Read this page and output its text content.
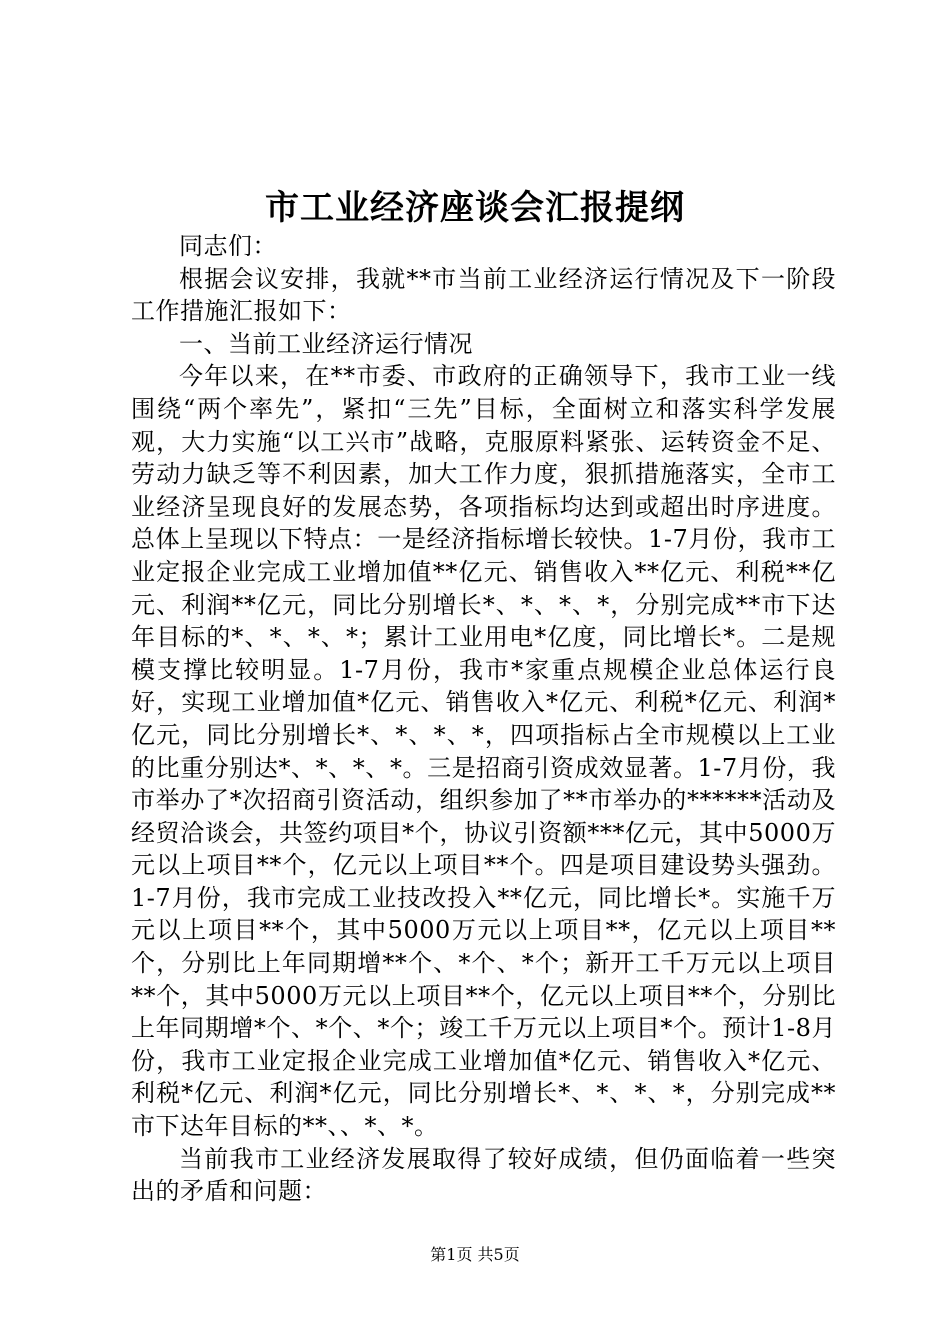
市工业经济座谈会汇报提纲

同志们：

根据会议安排，我就**市当前工业经济运行情况及下一阶段工作措施汇报如下：

一、当前工业经济运行情况

今年以来，在**市委、市政府的正确领导下，我市工业一线围绕“两个率先”，紧扣“三先”目标，全面树立和落实科学发展观，大力实施“以工兴市”战略，克服原料紧张、运转资金不足、劳动力缺乏等不利因素，加大工作力度，狠抓措施落实，全市工业经济呈现良好的发展态势，各项指标均达到或超出时序进度。总体上呈现以下特点：一是经济指标增长较快。1-7月份，我市工业定报企业完成工业增加值**亿元、销售收入**亿元、利税**亿元、利润**亿元，同比分别增长*、*、*、*，分别完成**市下达年目标的*、*、*、*；累计工业用电*亿度，同比增长*。二是规模支撑比较明显。1-7月份，我市*家重点规模企业总体运行良好，实现工业增加值*亿元、销售收入*亿元、利税*亿元、利润*亿元，同比分别增长*、*、*、*，四项指标占全市规模以上工业的比重分别达*、*、*、*。三是招商引资成效显著。1-7月份，我市举办了*次招商引资活动，组织参加了**市举办的******活动及经贸洽谈会，共签约项目*个，协议引资额***亿元，其中5000万元以上项目**个，亿元以上项目**个。四是项目建设势头强劲。1-7月份，我市完成工业技改投入**亿元，同比增长*。实施千万元以上项目**个，其中5000万元以上项目**，亿元以上项目**个，分别比上年同期增**个、*个、*个；新开工千万元以上项目**个，其中5000万元以上项目**个，亿元以上项目**个，分别比上年同期增*个、*个、*个；竣工千万元以上项目*个。预计1-8月份，我市工业定报企业完成工业增加值*亿元、销售收入*亿元、利税*亿元、利润*亿元，同比分别增长*、*、*、*，分别完成**市下达年目标的**、、*、*。

当前我市工业经济发展取得了较好成绩，但仍面临着一些突出的矛盾和问题：

第1页 共5页
